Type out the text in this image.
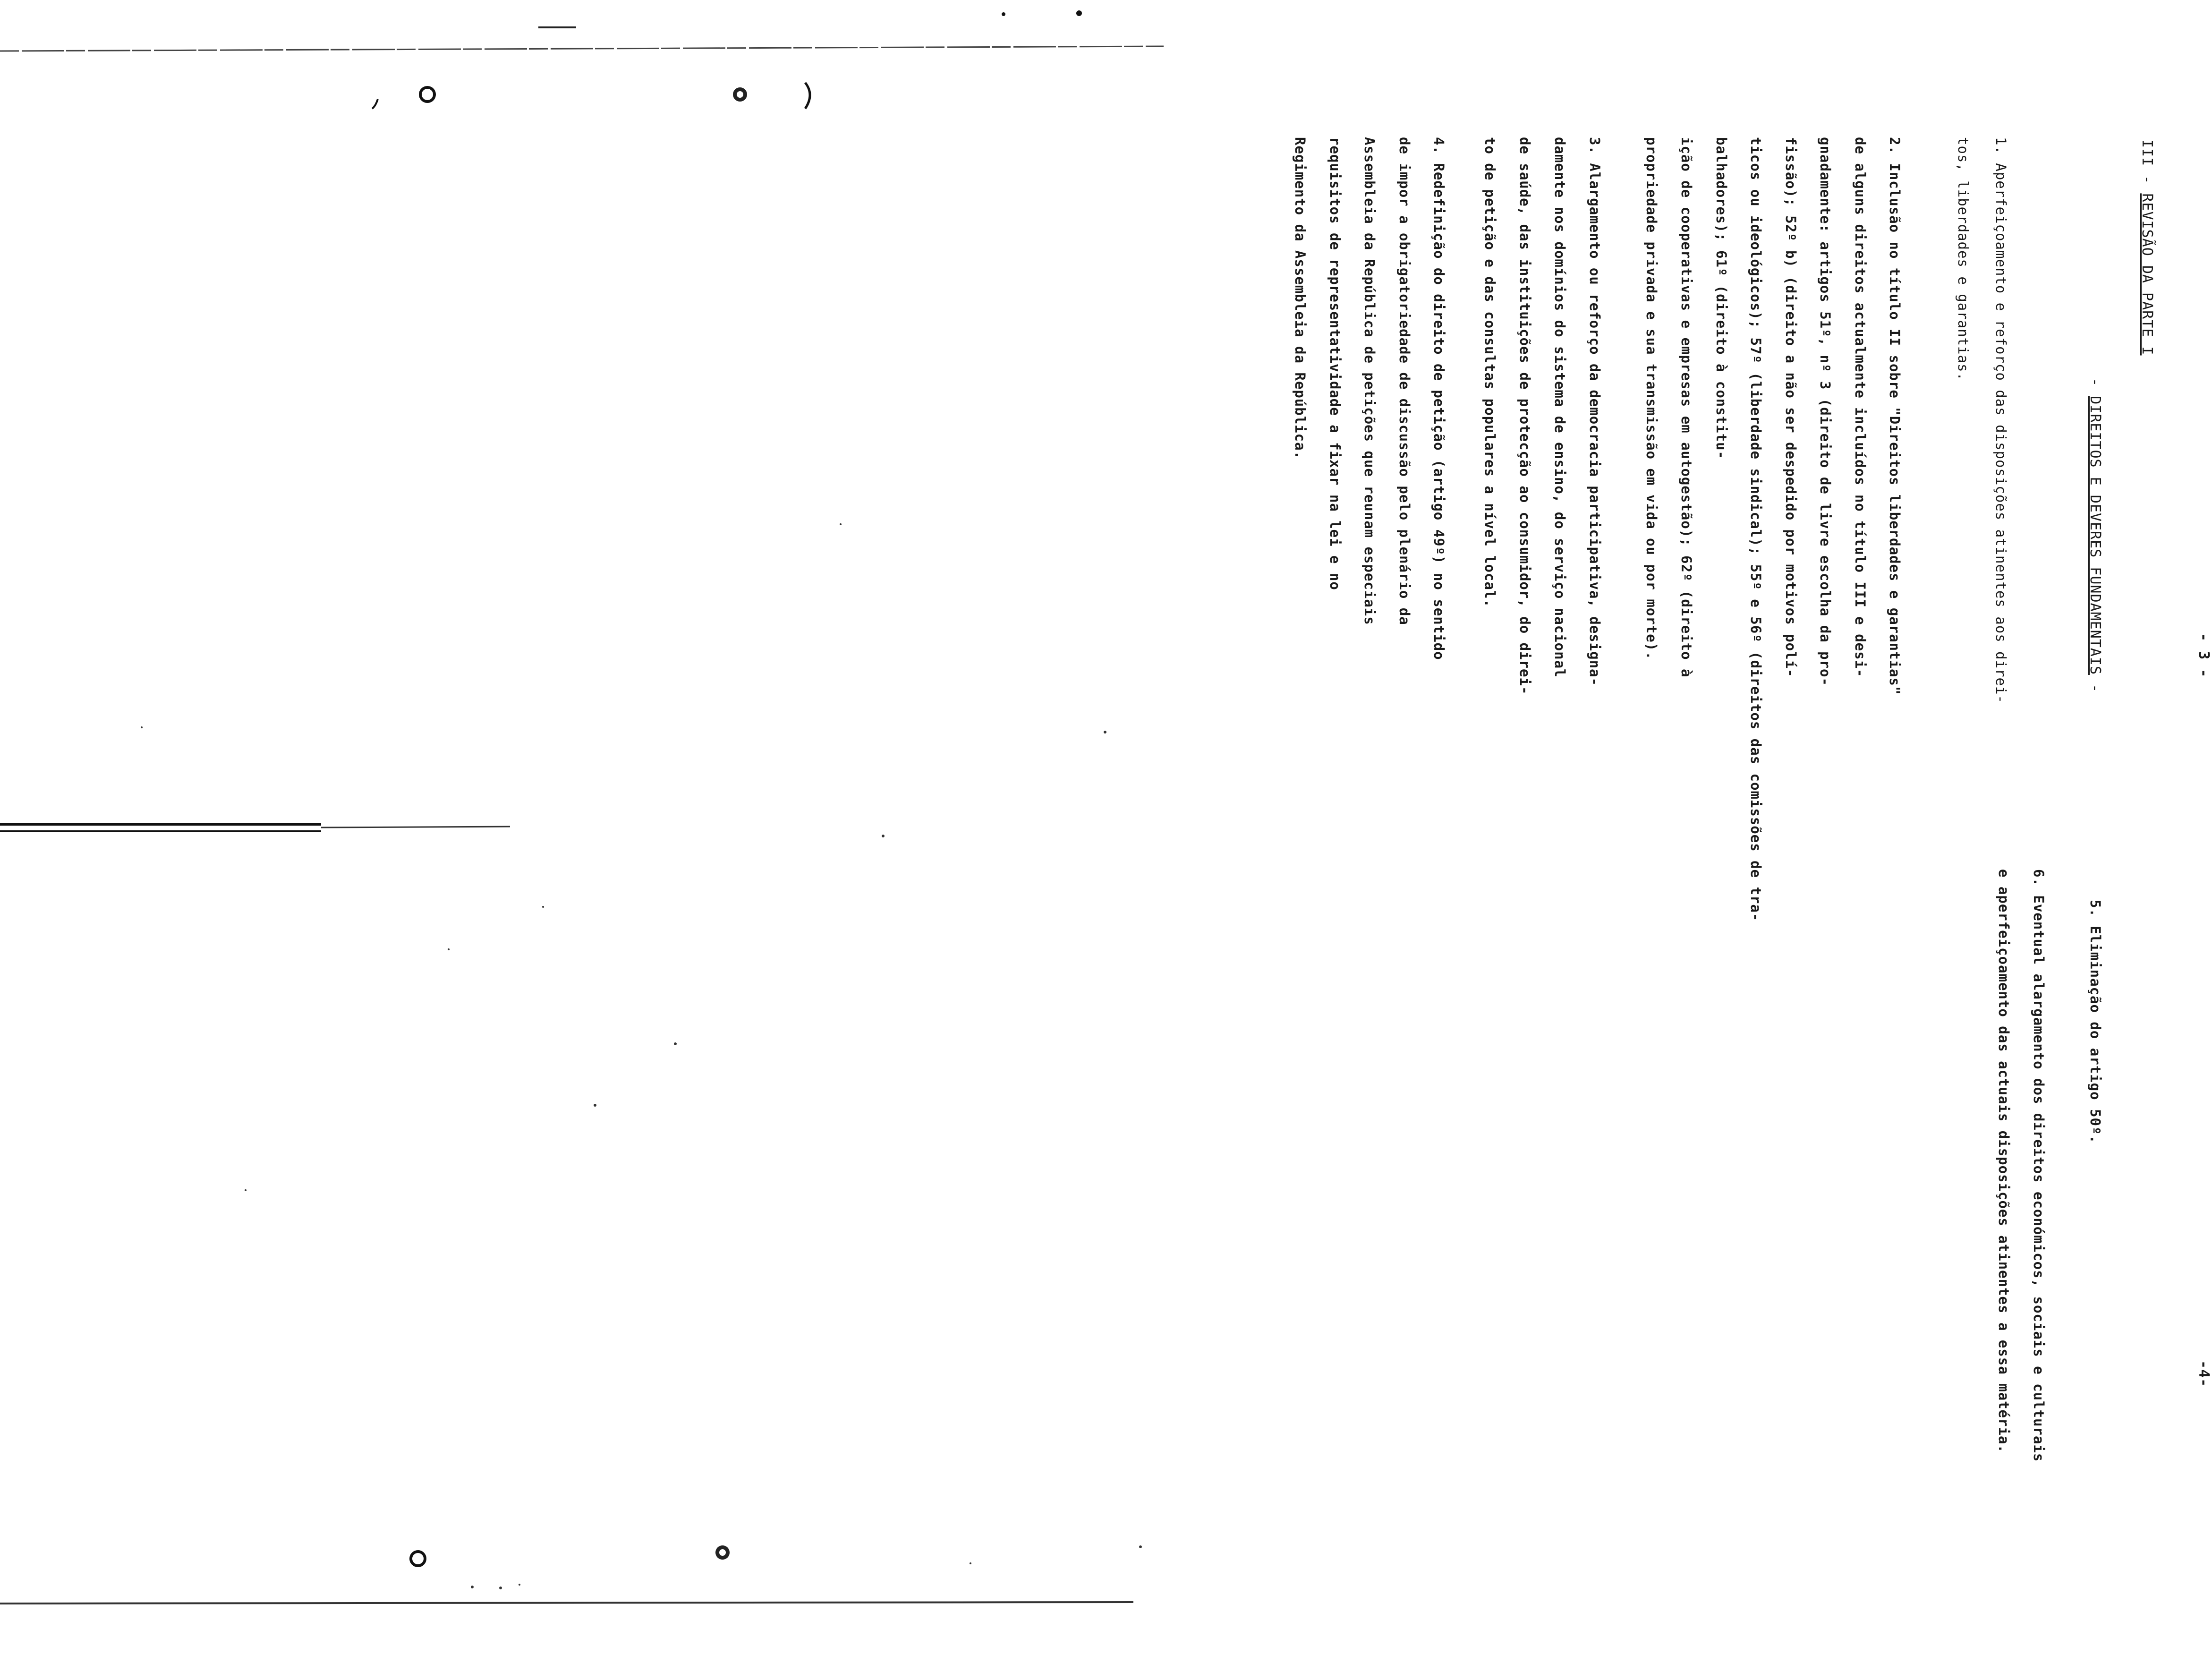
- 3 -
III - REVISÃO DA PARTE I
- DIREITOS E DEVERES FUNDAMENTAIS -
1. Aperfeiçoamento e reforço das disposições atinentes aos direi-
tos, liberdades e garantias.
2. Inclusão no título II sobre "Direitos liberdades e garantias"
de alguns direitos actualmente incluídos no título III e desi-
gnadamente: artigos 51º, nº 3 (direito de livre escolha da pro-
fissão); 52º b) (direito a não ser despedido por motivos polí-
ticos ou ideológicos); 57º (liberdade sindical); 55º e 56º (direitos das comissões de tra-
balhadores); 61º (direito à constitu-
ição de cooperativas e empresas em autogestão); 62º (direito à
propriedade privada e sua transmissão em vida ou por morte).
3. Alargamento ou reforço da democracia participativa, designa-
damente nos domínios do sistema de ensino, do serviço nacional
de saúde, das instituições de protecção ao consumidor, do direi-
to de petição e das consultas populares a nível local.
4. Redefinição do direito de petição (artigo 49º) no sentido
de impor a obrigatoriedade de discussão pelo plenário da
Assembleia da República de petições que reunam especiais
requisitos de representatividade a fixar na lei e no
Regimento da Assembleia da República.
-4-
5. Eliminação do artigo 50º.
6. Eventual alargamento dos direitos económicos, sociais e culturais
e aperfeiçoamento das actuais disposições atinentes a essa matéria.
